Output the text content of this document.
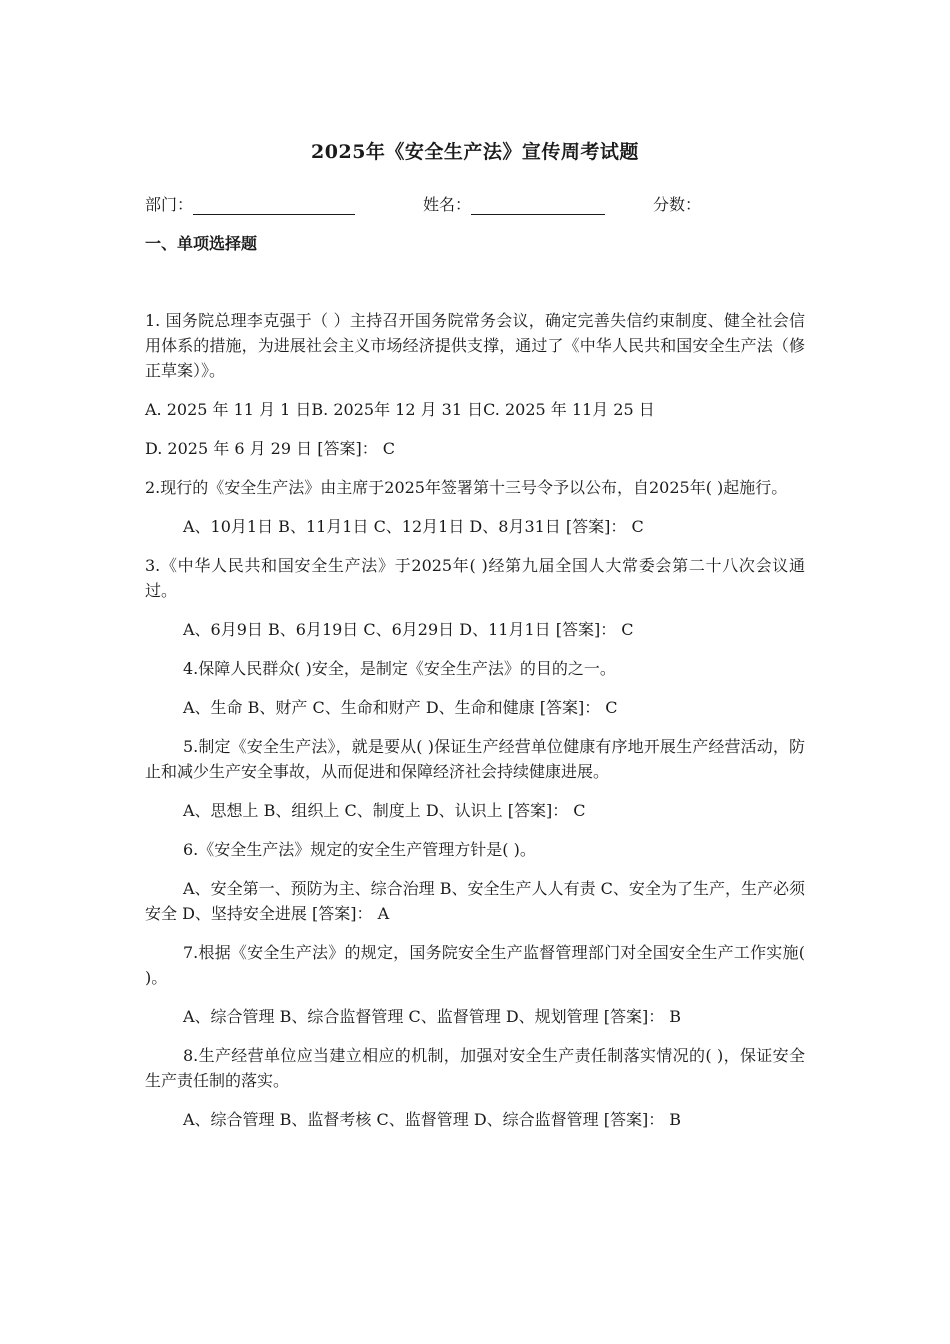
2025年《安全生产法》宣传周考试题
部门：	姓名：	分数：
一、单项选择题

1. 国务院总理李克强于（ ）主持召开国务院常务会议，确定完善失信约束制度、健全社会信用体系的措施，为进展社会主义市场经济提供支撑，通过了《中华人民共和国安全生产法（修正草案）》。

A. 2025 年 11 月 1 日B. 2025年 12 月 31 日C. 2025 年 11月 25 日

D. 2025 年 6 月 29 日 [答案]： C

2.现行的《安全生产法》由主席于2025年签署第十三号令予以公布，自2025年( )起施行。

A、10月1日 B、11月1日 C、12月1日 D、8月31日 [答案]： C

3.《中华人民共和国安全生产法》于2025年( )经第九届全国人大常委会第二十八次会议通过。

A、6月9日 B、6月19日 C、6月29日 D、11月1日 [答案]： C

4.保障人民群众( )安全，是制定《安全生产法》的目的之一。

A、生命 B、财产 C、生命和财产 D、生命和健康 [答案]： C

5.制定《安全生产法》，就是要从( )保证生产经营单位健康有序地开展生产经营活动，防止和减少生产安全事故，从而促进和保障经济社会持续健康进展。

A、思想上 B、组织上 C、制度上 D、认识上 [答案]： C

6.《安全生产法》规定的安全生产管理方针是( )。

A、安全第一、预防为主、综合治理 B、安全生产人人有责 C、安全为了生产，生产必须安全 D、坚持安全进展 [答案]： A

7.根据《安全生产法》的规定，国务院安全生产监督管理部门对全国安全生产工作实施( )。

A、综合管理 B、综合监督管理 C、监督管理 D、规划管理 [答案]： B

8.生产经营单位应当建立相应的机制，加强对安全生产责任制落实情况的( )，保证安全生产责任制的落实。

A、综合管理 B、监督考核 C、监督管理 D、综合监督管理 [答案]： B
